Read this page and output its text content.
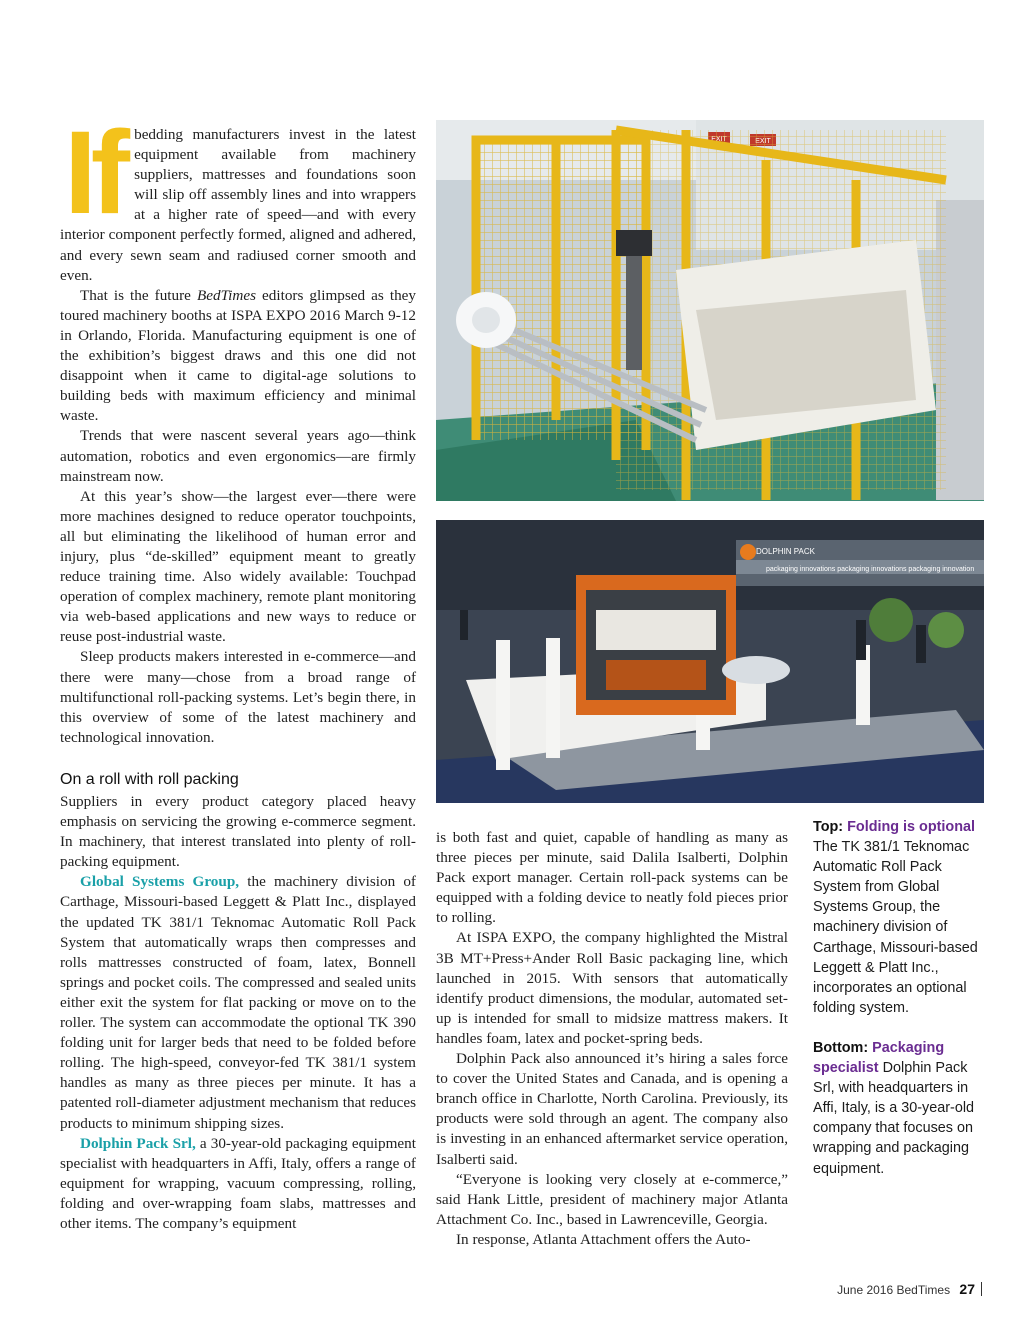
If bedding manufacturers invest in the latest equipment available from machinery suppliers, mattresses and foundations soon will slip off assembly lines and into wrappers at a higher rate of speed—and with every interior component perfectly formed, aligned and adhered, and every sewn seam and radiused corner smooth and even.

That is the future BedTimes editors glimpsed as they toured machinery booths at ISPA EXPO 2016 March 9-12 in Orlando, Florida. Manufacturing equipment is one of the exhibition’s biggest draws and this one did not disappoint when it came to digital-age solutions to building beds with maximum efficiency and minimal waste.

Trends that were nascent several years ago—think automation, robotics and even ergonomics—are firmly mainstream now.

At this year’s show—the largest ever—there were more machines designed to reduce operator touchpoints, all but eliminating the likelihood of human error and injury, plus “de-skilled” equipment meant to greatly reduce training time. Also widely available: Touchpad operation of complex machinery, remote plant monitoring via web-based applications and new ways to reduce or reuse post-industrial waste.

Sleep products makers interested in e-commerce—and there were many—chose from a broad range of multifunctional roll-packing systems. Let’s begin there, in this overview of some of the latest machinery and technological innovation.

On a roll with roll packing

Suppliers in every product category placed heavy emphasis on servicing the growing e-commerce segment. In machinery, that interest translated into plenty of roll-packing equipment.

Global Systems Group, the machinery division of Carthage, Missouri-based Leggett & Platt Inc., displayed the updated TK 381/1 Teknomac Automatic Roll Pack System that automatically wraps then compresses and rolls mattresses constructed of foam, latex, Bonnell springs and pocket coils. The compressed and sealed units either exit the system for flat packing or move on to the roller. The system can accommodate the optional TK 390 folding unit for larger beds that need to be folded before rolling. The high-speed, conveyor-fed TK 381/1 system handles as many as three pieces per minute. It has a patented roll-diameter adjustment mechanism that reduces products to minimum shipping sizes.

Dolphin Pack Srl, a 30-year-old packaging equipment specialist with headquarters in Affi, Italy, offers a range of equipment for wrapping, vacuum compressing, rolling, folding and over-wrapping foam slabs, mattresses and other items. The company’s equipment

DOLPHIN PACK
packaging innovations packaging innovations packaging innovation

is both fast and quiet, capable of handling as many as three pieces per minute, said Dalila Isalberti, Dolphin Pack export manager. Certain roll-pack systems can be equipped with a folding device to neatly fold pieces prior to rolling.

At ISPA EXPO, the company highlighted the Mistral 3B MT+Press+Ander Roll Basic packaging line, which launched in 2015. With sensors that automatically identify product dimensions, the modular, automated set-up is intended for small to midsize mattress makers. It handles foam, latex and pocket-spring beds.

Dolphin Pack also announced it’s hiring a sales force to cover the United States and Canada, and is opening a branch office in Charlotte, North Carolina. Previously, its products were sold through an agent. The company also is investing in an enhanced aftermarket service operation, Isalberti said.

“Everyone is looking very closely at e-commerce,” said Hank Little, president of machinery major Atlanta Attachment Co. Inc., based in Lawrenceville, Georgia.

In response, Atlanta Attachment offers the Auto-

Top: Folding is optional The TK 381/1 Teknomac Automatic Roll Pack System from Global Systems Group, the machinery division of Carthage, Missouri-based Leggett & Platt Inc., incorporates an optional folding system.

Bottom: Packaging specialist Dolphin Pack Srl, with headquarters in Affi, Italy, is a 30-year-old company that focuses on wrapping and packaging equipment.

June 2016 BedTimes 27
